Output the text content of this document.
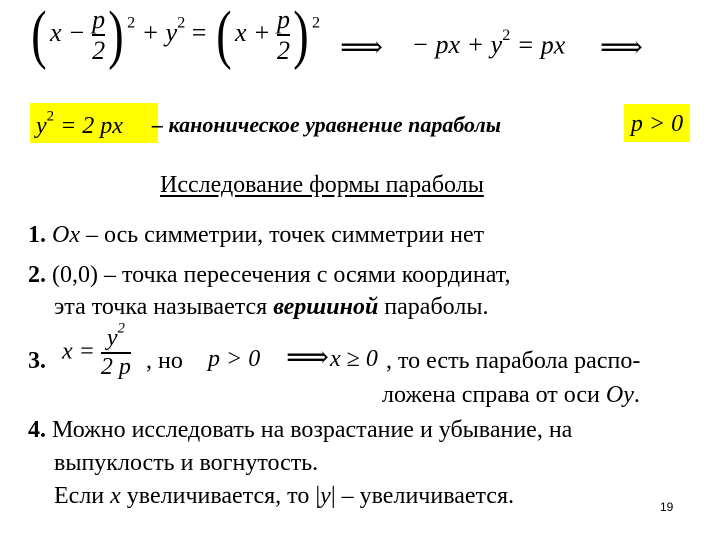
( $x - \frac{p}{2}$ ) $^2 + y^2$ = ( $x + \frac{p}{2}$ ) $^2$
⟹ − px + $y^2$ = px ⟹
$y^2 = 2$ px	– каноническое уравнение параболы	p > 0
Исследование формы параболы
1. Ox – ось симметрии, точек симметрии нет
2. (0,0) – точка пересечения с осями координат,
эта точка называется вершиной параболы.
3. $x = \frac{y^2}{2 p}$ , но p > 0 ⟹ x ≥ 0 , то есть парабола распо-
ложена справа от оси Oy.
4. Можно исследовать на возрастание и убывание, на
выпуклость и вогнутость.
Если x увеличивается, то |y| – увеличивается.	19
